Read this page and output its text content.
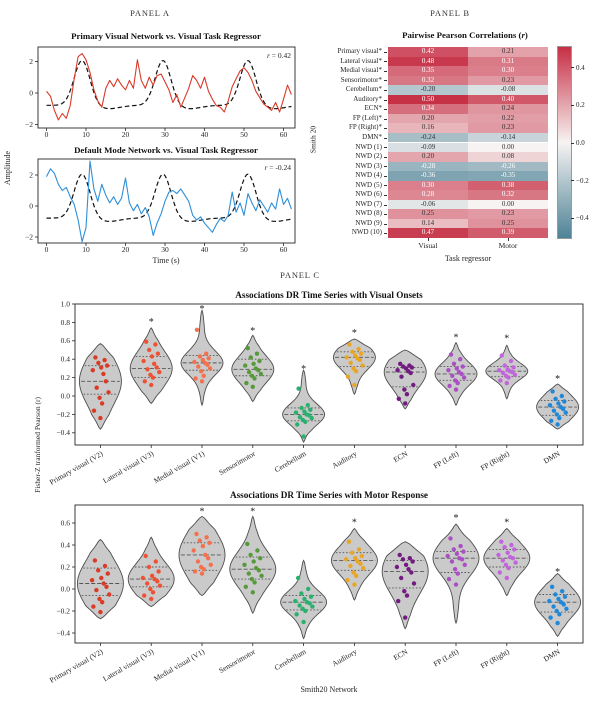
PANEL A	PANEL B
PANEL C
Primary Visual Network vs. Visual Task Regressor
2
0
−2
0	10	20	30	40	50	60
r = 0.42
Default Mode Network vs. Visual Task Regressor
2
0
−2
0	10	20	30	40	50	60
r = -0.24
Time (s)
Amplitude
Pairwise Pearson Correlations (r)
Smith 20
Primary visual*	0.42	0.21
Lateral visual*	0.48	0.31
Medial visual*	0.35	0.30
Sensorimotor*	0.32	0.23
Cerebellum*	-0.20	-0.08
Auditory*	0.50	0.40
ECN*	0.34	0.24
FP (Left)*	0.20	0.22
FP (Right)*	0.16	0.23
DMN*	-0.24	-0.14
NWD (1)	-0.09	0.00
NWD (2)	0.20	0.08
NWD (3)	-0.28	-0.26
NWD (4)	-0.36	-0.35
NWD (5)	0.30	0.38
NWD (6)	0.28	0.32
NWD (7)	-0.06	0.00
NWD (8)	0.25	0.23
NWD (9)	0.14	0.25
NWD (10)	0.47	0.39
0.4
0.2
0.0
−0.2
−0.4
Visual	Motor
Task regressor
Associations DR Time Series with Visual Onsets
1.0
0.8
0.6
0.4
0.2
0.0
−0.2
−0.4
Primary visual (V2)
*
Lateral visual (V3)
*
Medial visual (V1)
*
Sensorimotor
*
Cerebellum
*
Auditory	ECN
*
FP (Left)
*
FP (Right)
*
DMN
Associations DR Time Series with Motor Response
0.6
0.4
0.2
0.0
−0.2
−0.4
Primary visual (V2)
Lateral visual (V3)
*
Medial visual (V1)
*
Sensorimotor Cerebellum
*
Auditory	ECN
*
FP (Left)
*
FP (Right)
*
DMN
Smith20 Network
Fisher-Z tranformed Pearson (r)
